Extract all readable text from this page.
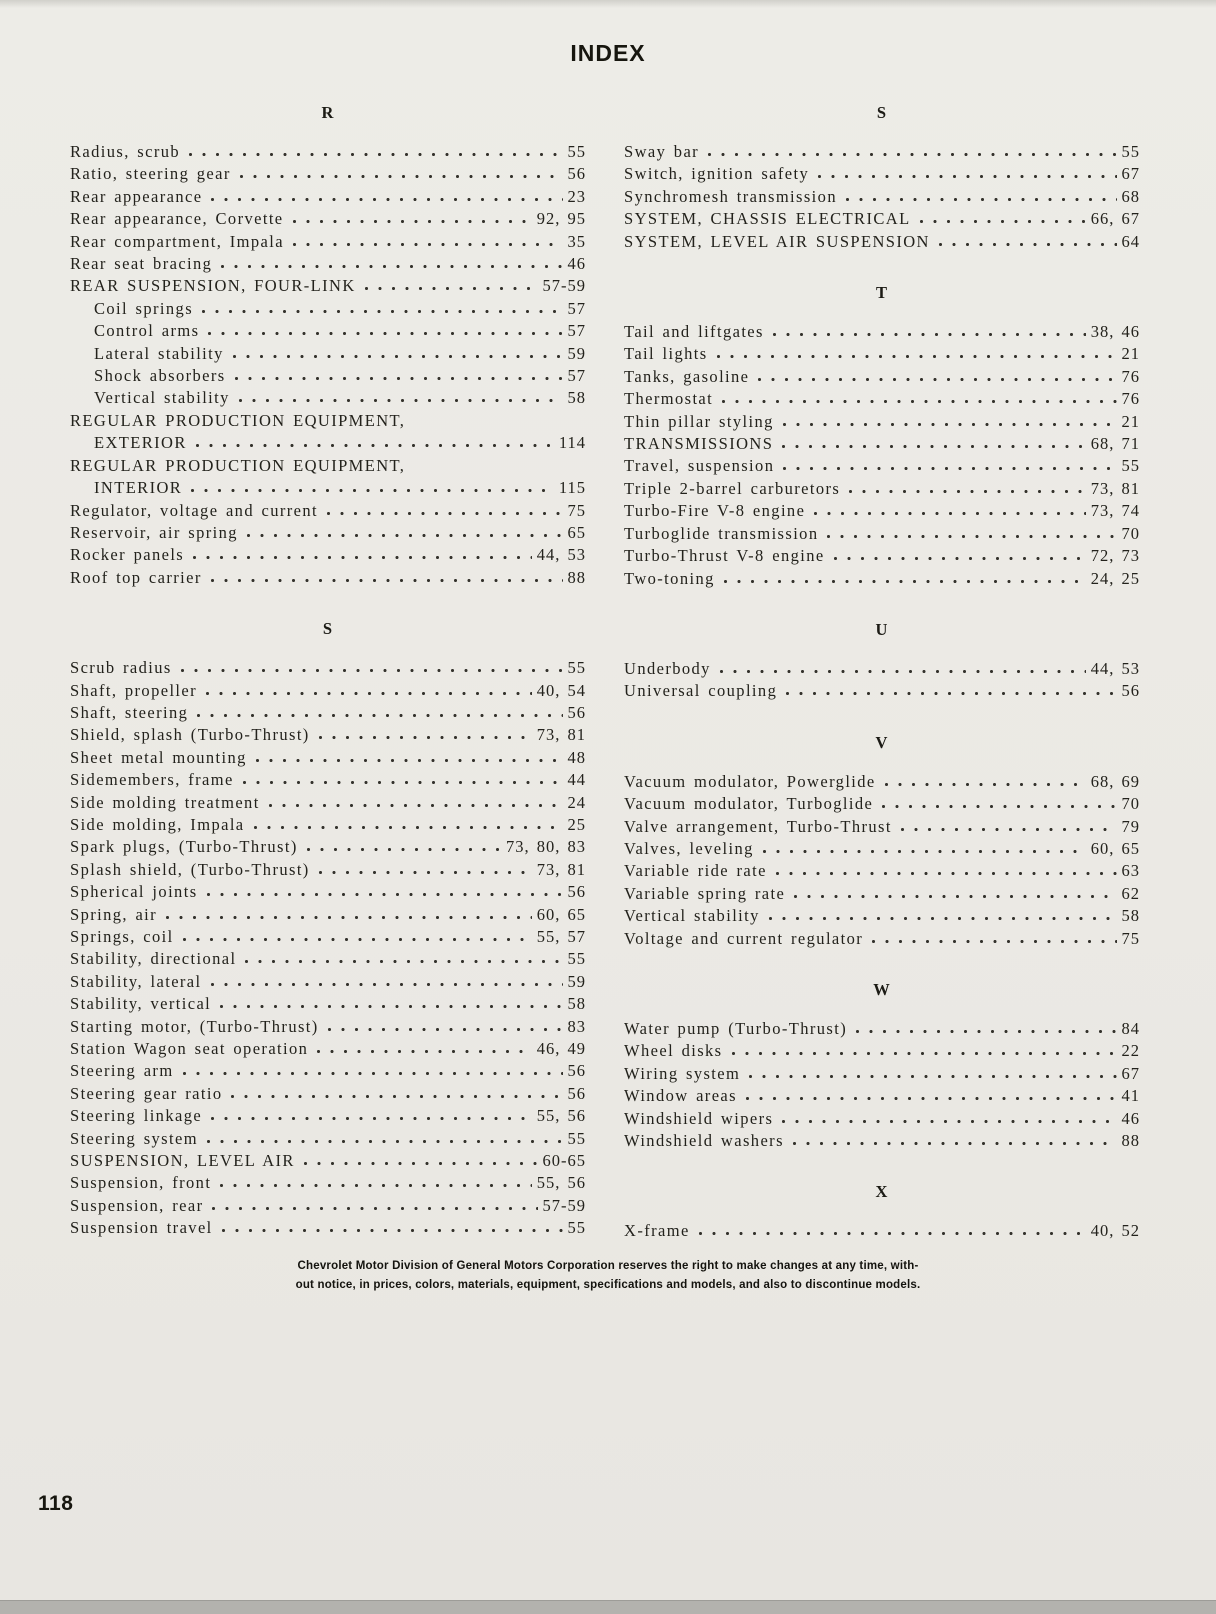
INDEX
R
Radius, scrub	55
Ratio, steering gear	56
Rear appearance	23
Rear appearance, Corvette	92, 95
Rear compartment, Impala	35
Rear seat bracing	46
REAR SUSPENSION, FOUR-LINK	57-59
Coil springs	57
Control arms	57
Lateral stability	59
Shock absorbers	57
Vertical stability	58
REGULAR PRODUCTION EQUIPMENT,
EXTERIOR	114
REGULAR PRODUCTION EQUIPMENT,
INTERIOR	115
Regulator, voltage and current	75
Reservoir, air spring	65
Rocker panels	44, 53
Roof top carrier	88
S
Scrub radius	55
Shaft, propeller	40, 54
Shaft, steering	56
Shield, splash (Turbo-Thrust)	73, 81
Sheet metal mounting	48
Sidemembers, frame	44
Side molding treatment	24
Side molding, Impala	25
Spark plugs, (Turbo-Thrust)	73, 80, 83
Splash shield, (Turbo-Thrust)	73, 81
Spherical joints	56
Spring, air	60, 65
Springs, coil	55, 57
Stability, directional	55
Stability, lateral	59
Stability, vertical	58
Starting motor, (Turbo-Thrust)	83
Station Wagon seat operation	46, 49
Steering arm	56
Steering gear ratio	56
Steering linkage	55, 56
Steering system	55
SUSPENSION, LEVEL AIR	60-65
Suspension, front	55, 56
Suspension, rear	57-59
Suspension travel	55
S
Sway bar	55
Switch, ignition safety	67
Synchromesh transmission	68
SYSTEM, CHASSIS ELECTRICAL	66, 67
SYSTEM, LEVEL AIR SUSPENSION	64
T
Tail and liftgates	38, 46
Tail lights	21
Tanks, gasoline	76
Thermostat	76
Thin pillar styling	21
TRANSMISSIONS	68, 71
Travel, suspension	55
Triple 2-barrel carburetors	73, 81
Turbo-Fire V-8 engine	73, 74
Turboglide transmission	70
Turbo-Thrust V-8 engine	72, 73
Two-toning	24, 25
U
Underbody	44, 53
Universal coupling	56
V
Vacuum modulator, Powerglide	68, 69
Vacuum modulator, Turboglide	70
Valve arrangement, Turbo-Thrust	79
Valves, leveling	60, 65
Variable ride rate	63
Variable spring rate	62
Vertical stability	58
Voltage and current regulator	75
W
Water pump (Turbo-Thrust)	84
Wheel disks	22
Wiring system	67
Window areas	41
Windshield wipers	46
Windshield washers	88
X
X-frame	40, 52
Chevrolet Motor Division of General Motors Corporation reserves the right to make changes at any time, with-
out notice, in prices, colors, materials, equipment, specifications and models, and also to discontinue models.
118
